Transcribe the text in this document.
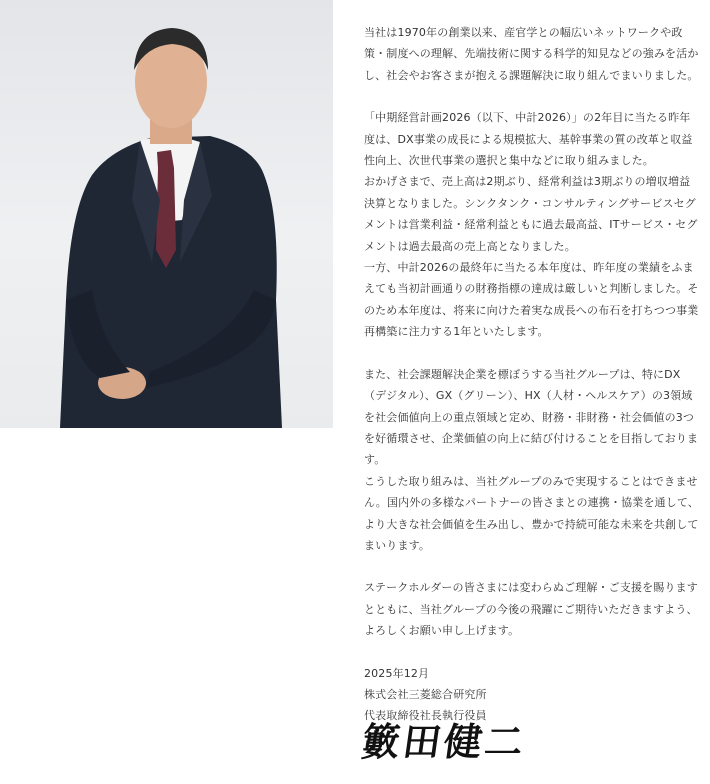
当社は1970年の創業以来、産官学との幅広いネットワークや政策・制度への理解、先端技術に関する科学的知見などの強みを活かし、社会やお客さまが抱える課題解決に取り組んでまいりました。

「中期経営計画2026（以下、中計2026）」の2年目に当たる昨年度は、DX事業の成長による規模拡大、基幹事業の質の改革と収益性向上、次世代事業の選択と集中などに取り組みました。

おかげさまで、売上高は2期ぶり、経常利益は3期ぶりの増収増益決算となりました。シンクタンク・コンサルティングサービスセグメントは営業利益・経常利益ともに過去最高益、ITサービス・セグメントは過去最高の売上高となりました。

一方、中計2026の最終年に当たる本年度は、昨年度の業績をふまえても当初計画通りの財務指標の達成は厳しいと判断しました。そのため本年度は、将来に向けた着実な成長への布石を打ちつつ事業再構築に注力する1年といたします。

また、社会課題解決企業を標ぼうする当社グループは、特にDX（デジタル）、GX（グリーン）、HX（人材・ヘルスケア）の3領域を社会価値向上の重点領域と定め、財務・非財務・社会価値の3つを好循環させ、企業価値の向上に結び付けることを目指しております。

こうした取り組みは、当社グループのみで実現することはできません。国内外の多様なパートナーの皆さまとの連携・協業を通して、より大きな社会価値を生み出し、豊かで持続可能な未来を共創してまいります。

ステークホルダーの皆さまには変わらぬご理解・ご支援を賜りますとともに、当社グループの今後の飛躍にご期待いただきますよう、よろしくお願い申し上げます。

2025年12月

株式会社三菱総合研究所

代表取締役社長執行役員

籔田健二
